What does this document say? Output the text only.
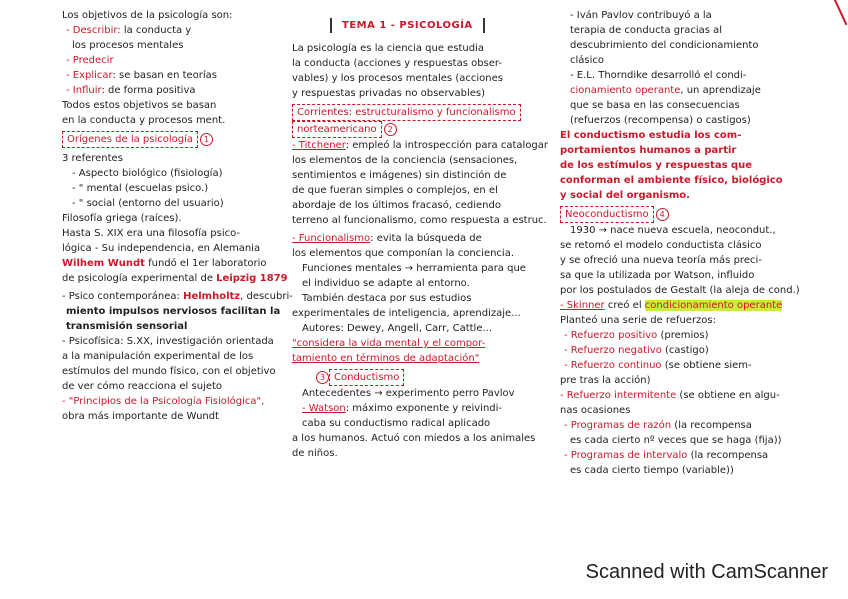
Los objetivos de la psicología son:
- Describir: la conducta y
los procesos mentales
- Predecir
- Explicar: se basan en teorías
- Influir: de forma positiva
Todos estos objetivos se basan
en la conducta y procesos ment.
Orígenes de la psicología 1
3 referentes
- Aspecto biológico (fisiología)
- " mental (escuelas psico.)
- " social (entorno del usuario)
Filosofía griega (raíces).
Hasta S. XIX era una filosofía psico-
lógica - Su independencia, en Alemania
Wilhem Wundt fundó el 1er laboratorio
de psicología experimental de Leipzig 1879
- Psico contemporánea: Helmholtz, descubri-
miento impulsos nerviosos facilitan la
transmisión sensorial
- Psicofísica: S.XX, investigación orientada
a la manipulación experimental de los
estímulos del mundo físico, con el objetivo
de ver cómo reacciona el sujeto
- "Principios de la Psicología Fisiológica",
obra más importante de Wundt
TEMA 1 - PSICOLOGÍA
La psicología es la ciencia que estudia
la conducta (acciones y respuestas obser-
vables) y los procesos mentales (acciones
y respuestas privadas no observables)
Corrientes: estructuralismo y funcionalismo
norteamericano 2
- Titchener: empleó la introspección para catalogar
los elementos de la conciencia (sensaciones,
sentimientos e imágenes) sin distinción de
de que fueran simples o complejos, en el
abordaje de los últimos fracasó, cediendo
terreno al funcionalismo, como respuesta a estruc.
- Funcionalismo: evita la búsqueda de
los elementos que componían la conciencia.
Funciones mentales → herramienta para que
el individuo se adapte al entorno.
También destaca por sus estudios
experimentales de inteligencia, aprendizaje...
Autores: Dewey, Angell, Carr, Cattle...
"considera la vida mental y el compor-
tamiento en términos de adaptación"
3 Conductismo
Antecedentes → experimento perro Pavlov
- Watson: máximo exponente y reivindi-
caba su conductismo radical aplicado
a los humanos. Actuó con miedos a los animales
de niños.
- Iván Pavlov contribuyó a la
terapia de conducta gracias al
descubrimiento del condicionamiento
clásico
- E.L. Thorndike desarrolló el condi-
cionamiento operante, un aprendizaje
que se basa en las consecuencias
(refuerzos (recompensa) o castigos)
El conductismo estudia los com-
portamientos humanos a partir
de los estímulos y respuestas que
conforman el ambiente físico, biológico
y social del organismo.
Neoconductismo 4
1930 → nace nueva escuela, neocondut.,
se retomó el modelo conductista clásico
y se ofreció una nueva teoría más preci-
sa que la utilizada por Watson, influido
por los postulados de Gestalt (la aleja de cond.)
- Skinner creó el condicionamiento operante
Planteó una serie de refuerzos:
- Refuerzo positivo (premios)
- Refuerzo negativo (castigo)
- Refuerzo continuo (se obtiene siem-
pre tras la acción)
- Refuerzo intermitente (se obtiene en algu-
nas ocasiones
- Programas de razón (la recompensa
es cada cierto nº veces que se haga (fija))
- Programas de intervalo (la recompensa
es cada cierto tiempo (variable))
Scanned with CamScanner
